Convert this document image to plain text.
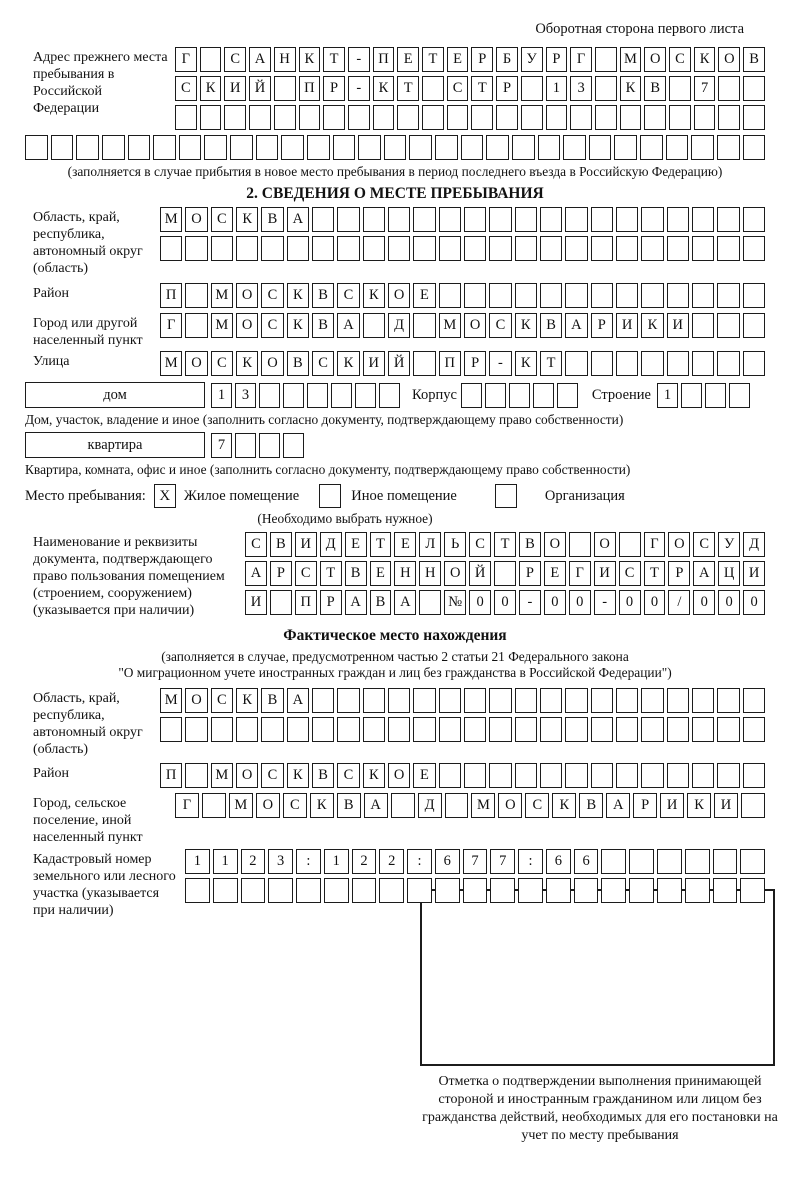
Оборотная сторона первого листа
Адрес прежнего места пребывания в Российской Федерации
Г	С	А Н	К	Т	-	П	Е	Т	Е	Р	Б	У	Р	Г	М О	С	К	О	В
С	К	И Й	П	Р	-	К	Т	С	Т	Р	1	3	К	В	7
(заполняется в случае прибытия в новое место пребывания в период последнего въезда в Российскую Федерацию)
2. СВЕДЕНИЯ О МЕСТЕ ПРЕБЫВАНИЯ
Область, край, республика, автономный округ (область)
М О	С	К	В	А
Район	П	М О	С	К	В	С	К	О	Е
Город или другой населенный пункт
Г	М О	С	К	В	А	Д	М О	С	К	В	А	Р	И	К	И
Улица	М О	С	К	О	В	С	К	И	Й	П	Р	-	К	Т
дом	1	3	Корпус	Строение 1
Дом, участок, владение и иное (заполнить согласно документу, подтверждающему право собственности)
квартира	7
Квартира, комната, офис и иное (заполнить согласно документу, подтверждающему право собственности)
Место пребывания: X Жилое помещение	Иное помещение	Организация
(Необходимо выбрать нужное)
Наименование и реквизиты документа, подтверждающего право пользования помещением (строением, сооружением) (указывается при наличии)
С	В	И	Д	Е	Т	Е	Л	Ь	С	Т	В	О	О	Г	О	С	У	Д
А	Р	С	Т	В	Е	Н Н О Й	Р	Е	Г	И	С	Т	Р	А Ц И
И	П	Р	А	В	А	№ 0	0	-	0	0	-	0	0	/	0	0	0
Фактическое место нахождения
(заполняется в случае, предусмотренном частью 2 статьи 21 Федерального закона
"О миграционном учете иностранных граждан и лиц без гражданства в Российской Федерации")
Область, край, республика, автономный округ (область)
М О	С	К	В	А
Район	П	М О	С	К	В	С	К	О	Е
Город, сельское поселение, иной населенный пункт
Г	М	О	С	К	В	А	Д	М	О	С	К	В	А	Р	И	К	И
Кадастровый номер земельного или лесного участка (указывается при наличии)
1	1	2	3	:	1	2	2	:	6	7	7	:	6	6
Отметка о подтверждении выполнения принимающей стороной и иностранным гражданином или лицом без гражданства действий, необходимых для его постановки на учет по месту пребывания
